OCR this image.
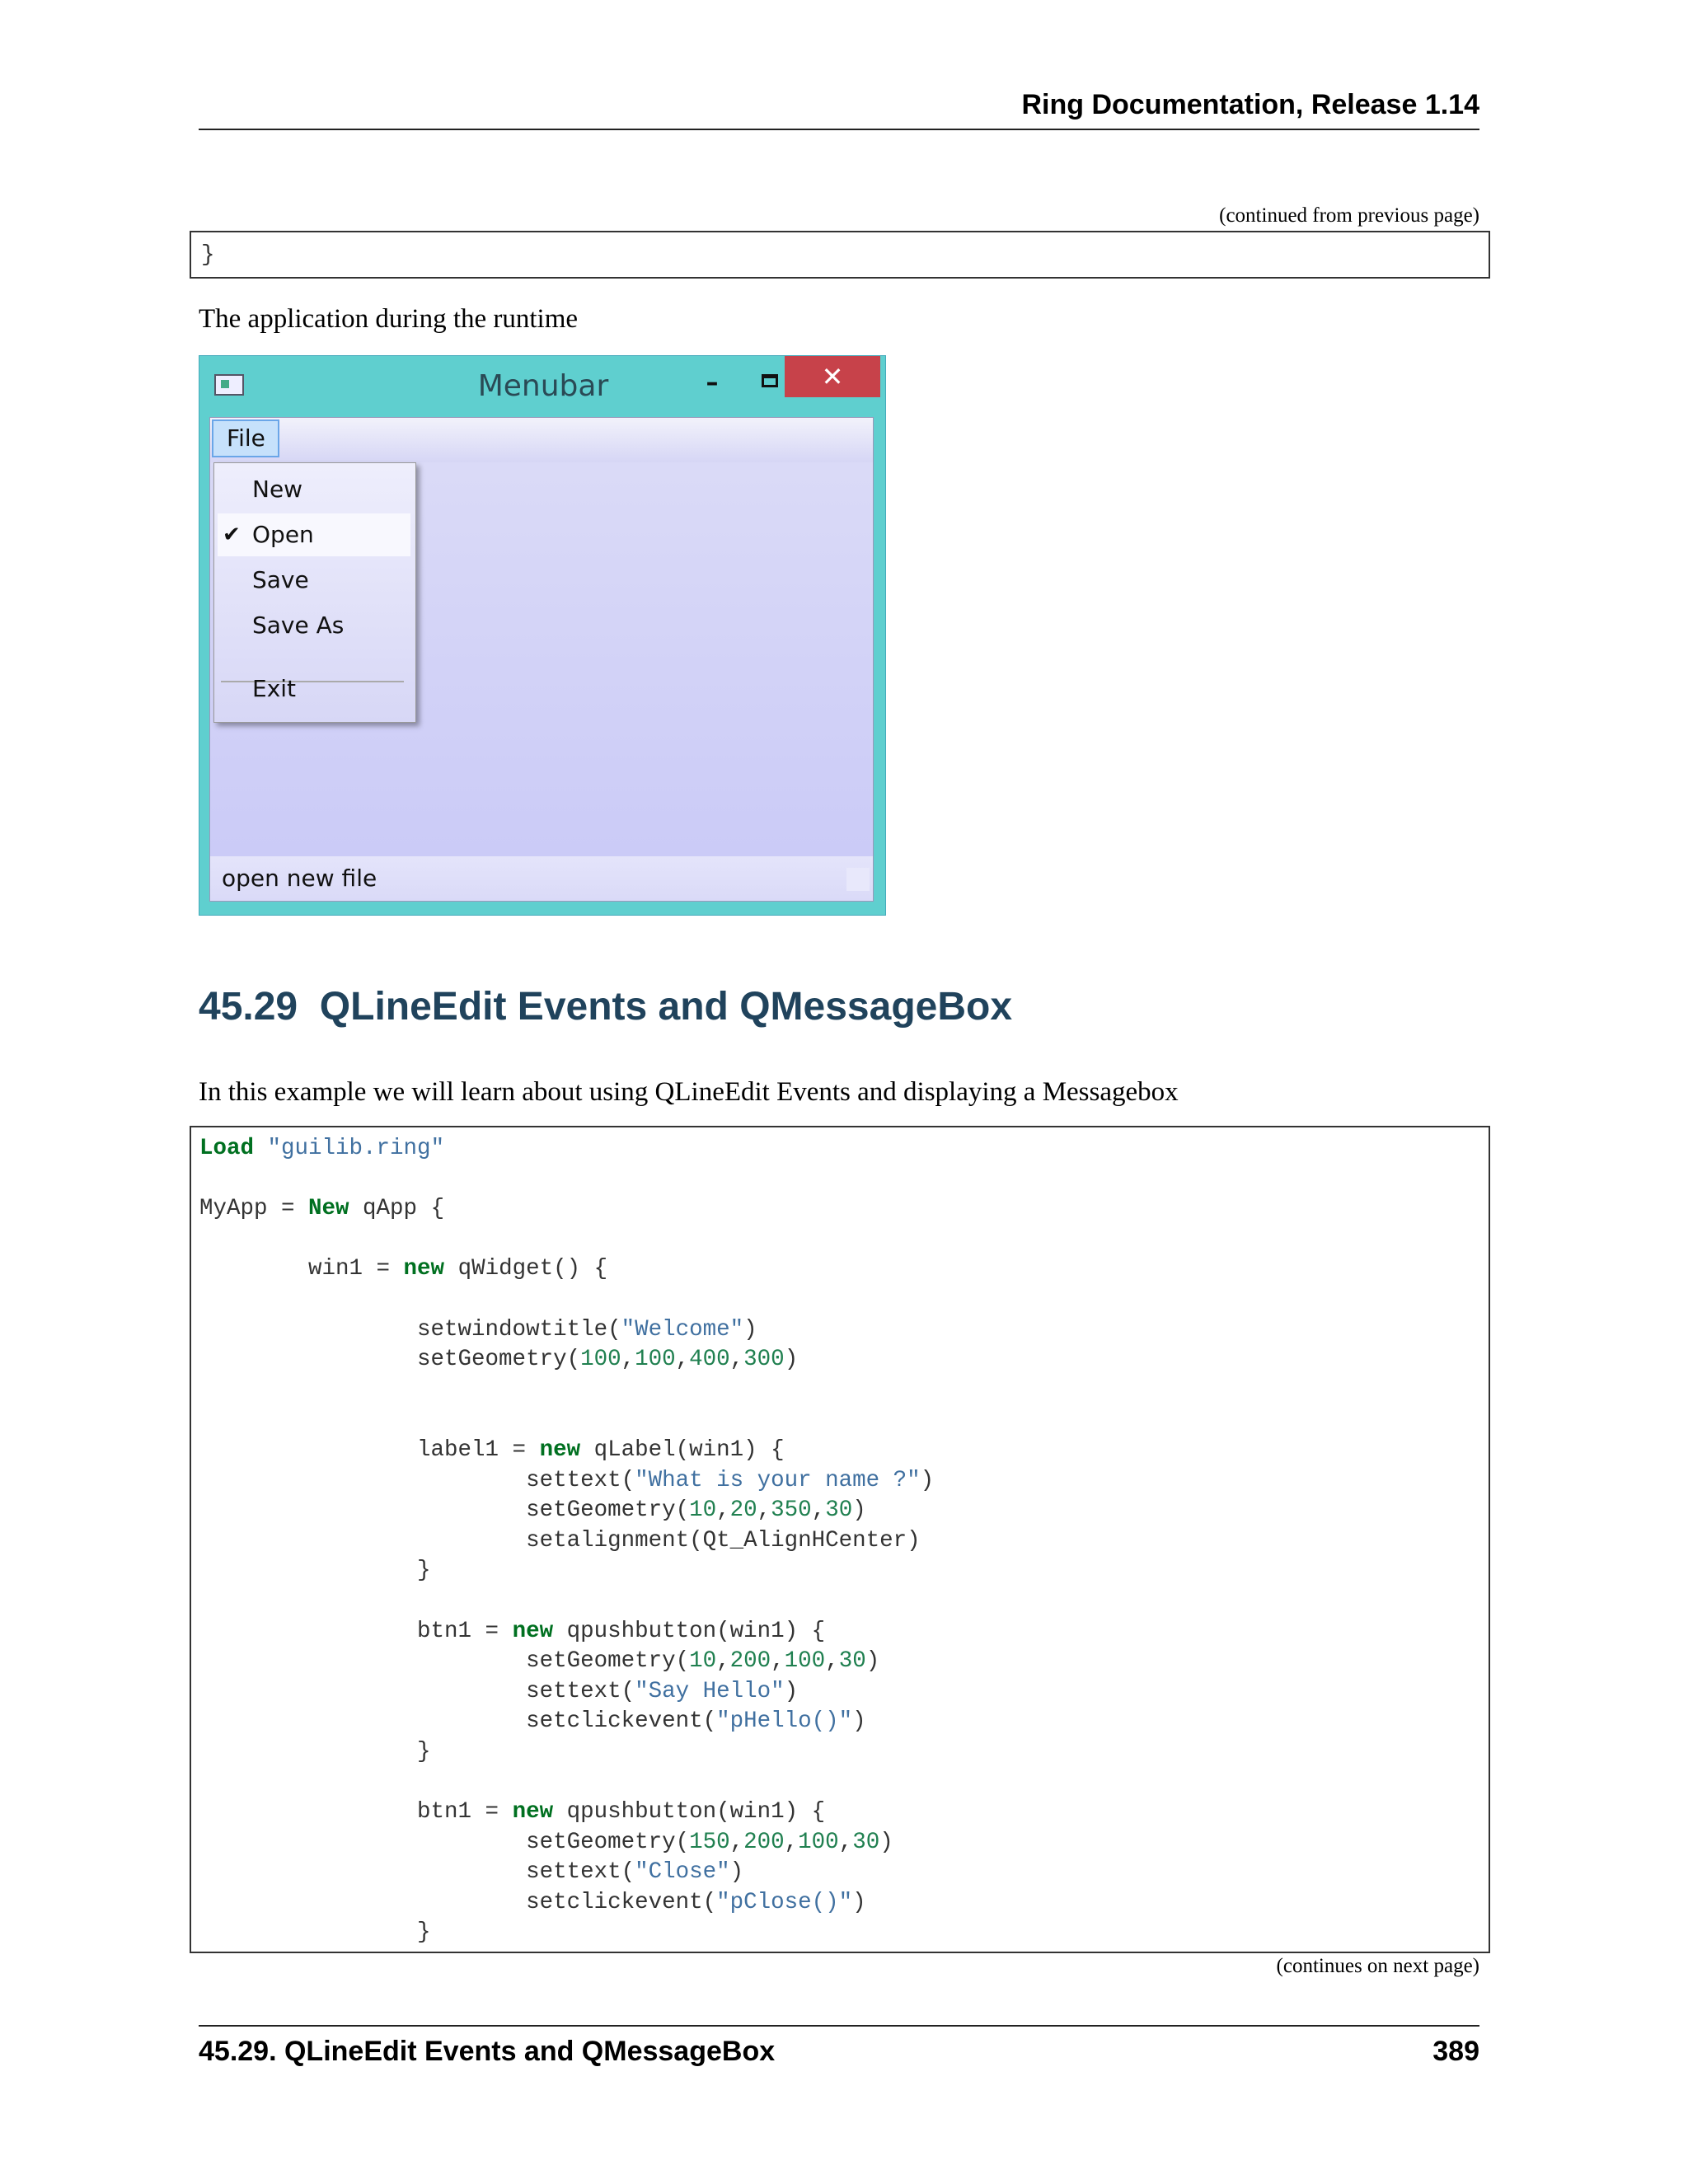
Ring Documentation, Release 1.14
(continued from previous page)
}
The application during the runtime
Menubar	–	✕
File
New
✔ Open
Save
Save As
Exit
open new file
45.29 QLineEdit Events and QMessageBox
In this example we will learn about using QLineEdit Events and displaying a Messagebox
Load "guilib.ring"

MyApp = New qApp {

win1 = new qWidget() {

setwindowtitle("Welcome")
setGeometry(100,100,400,300)

label1 = new qLabel(win1) {
settext("What is your name ?")
setGeometry(10,20,350,30)
setalignment(Qt_AlignHCenter)
}

btn1 = new qpushbutton(win1) {
setGeometry(10,200,100,30)
settext("Say Hello")
setclickevent("pHello()")
}

btn1 = new qpushbutton(win1) {
setGeometry(150,200,100,30)
settext("Close")
setclickevent("pClose()")
}
(continues on next page)
45.29. QLineEdit Events and QMessageBox	389
